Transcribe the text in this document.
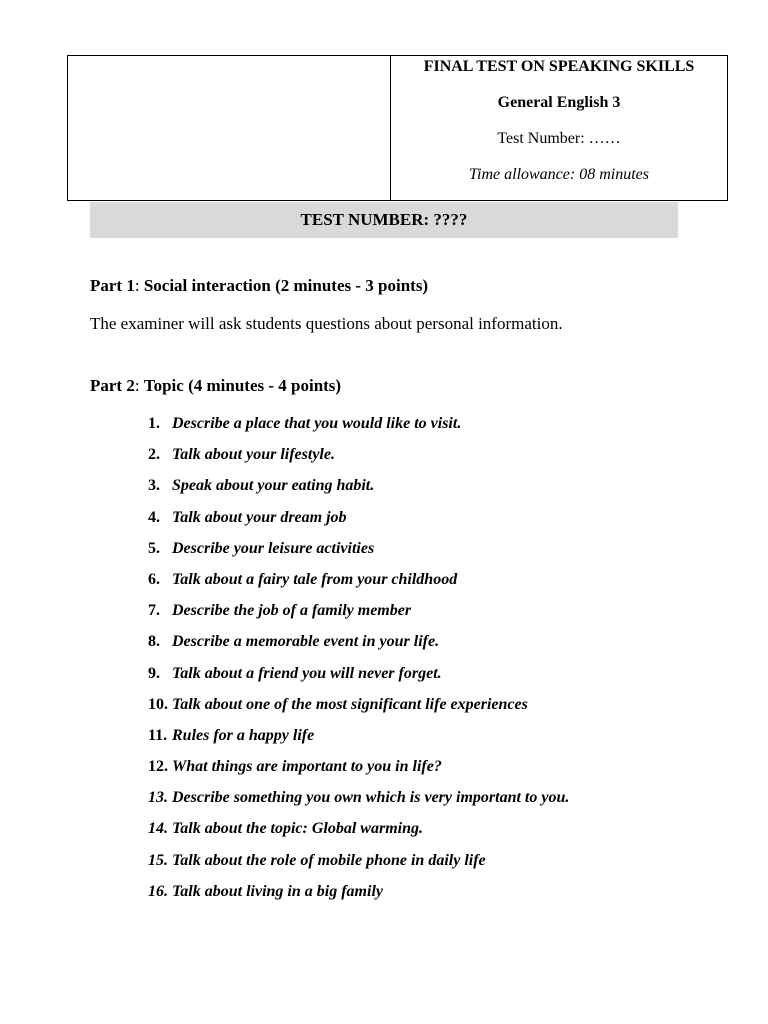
FINAL TEST ON SPEAKING SKILLS
General English 3
Test Number: ……
Time allowance: 08 minutes
TEST NUMBER: ????
Part 1: Social interaction (2 minutes - 3 points)
The examiner will ask students questions about personal information.
Part 2: Topic (4 minutes - 4 points)
1. Describe a place that you would like to visit.
2. Talk about your lifestyle.
3. Speak about your eating habit.
4. Talk about your dream job
5. Describe your leisure activities
6. Talk about a fairy tale from your childhood
7. Describe the job of a family member
8. Describe a memorable event in your life.
9. Talk about a friend you will never forget.
10. Talk about one of the most significant life experiences
11. Rules for a happy life
12. What things are important to you in life?
13. Describe something you own which is very important to you.
14. Talk about the topic: Global warming.
15. Talk about the role of mobile phone in daily life
16. Talk about living in a big family
